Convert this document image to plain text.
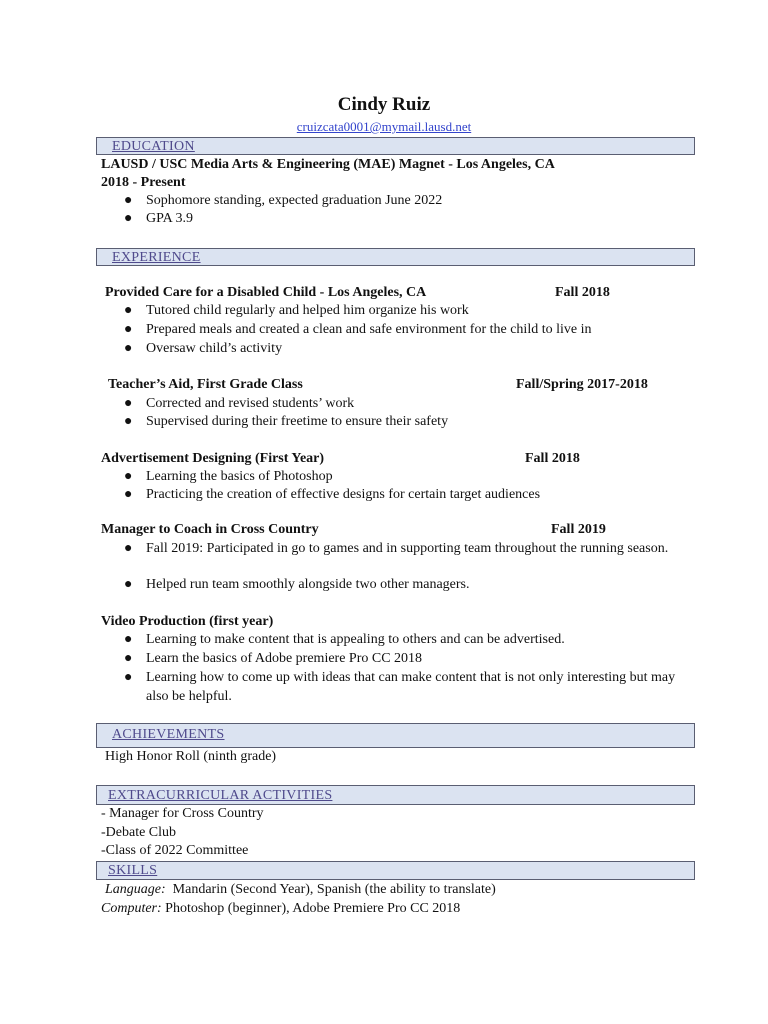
Cindy Ruiz
cruizcata0001@mymail.lausd.net
EDUCATION
LAUSD / USC Media Arts & Engineering (MAE) Magnet - Los Angeles, CA
2018 - Present
● Sophomore standing, expected graduation June 2022
● GPA 3.9
EXPERIENCE
Provided Care for a Disabled Child - Los Angeles, CA	Fall 2018
● Tutored child regularly and helped him organize his work
● Prepared meals and created a clean and safe environment for the child to live in
● Oversaw child’s activity
Teacher’s Aid, First Grade Class	Fall/Spring 2017-2018
● Corrected and revised students’ work
● Supervised during their freetime to ensure their safety
Advertisement Designing (First Year)	Fall 2018
● Learning the basics of Photoshop
● Practicing the creation of effective designs for certain target audiences
Manager to Coach in Cross Country	Fall 2019
● Fall 2019: Participated in go to games and in supporting team throughout the running season.
● Helped run team smoothly alongside two other managers.
Video Production (first year)
● Learning to make content that is appealing to others and can be advertised.
● Learn the basics of Adobe premiere Pro CC 2018
● Learning how to come up with ideas that can make content that is not only interesting but may also be helpful.
ACHIEVEMENTS
High Honor Roll (ninth grade)
EXTRACURRICULAR ACTIVITIES
- Manager for Cross Country
-Debate Club
-Class of 2022 Committee
SKILLS
Language: Mandarin (Second Year), Spanish (the ability to translate)
Computer: Photoshop (beginner), Adobe Premiere Pro CC 2018
